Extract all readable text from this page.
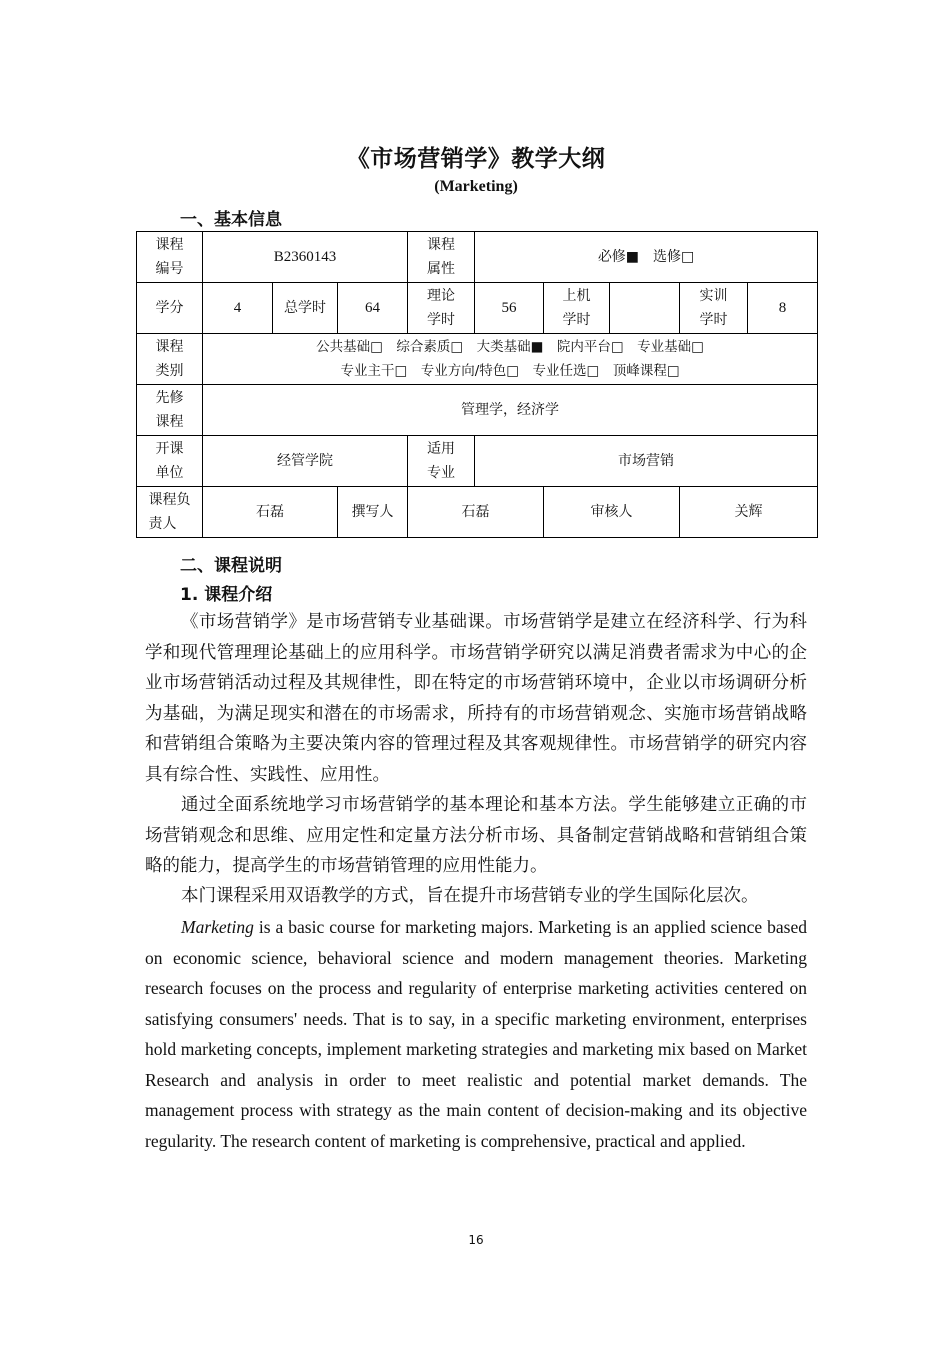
《市场营销学》教学大纲
(Marketing)
一、基本信息
课程编号	B2360143			课程属性	必修■　选修□				
学分	4	总学时	64	理论学时	56	上机学时		实训学时	8

课程类别	公共基础□　综合素质□　大类基础■　院内平台□　专业基础□
专业主干□　专业方向/特色□　专业任选□　顶峰课程□								

先修课程	管理学，经济学								

开课单位	经管学院			适用专业	市场营销				

课程负责人	石磊		撰写人	石磊		审核人		关辉	
二、课程说明
1. 课程介绍
《市场营销学》是市场营销专业基础课。市场营销学是建立在经济科学、行为科学和现代管理理论基础上的应用科学。市场营销学研究以满足消费者需求为中心的企业市场营销活动过程及其规律性，即在特定的市场营销环境中，企业以市场调研分析为基础，为满足现实和潜在的市场需求，所持有的市场营销观念、实施市场营销战略和营销组合策略为主要决策内容的管理过程及其客观规律性。市场营销学的研究内容具有综合性、实践性、应用性。
通过全面系统地学习市场营销学的基本理论和基本方法。学生能够建立正确的市场营销观念和思维、应用定性和定量方法分析市场、具备制定营销战略和营销组合策略的能力，提高学生的市场营销管理的应用性能力。
本门课程采用双语教学的方式，旨在提升市场营销专业的学生国际化层次。
Marketing is a basic course for marketing majors. Marketing is an applied science based on economic science, behavioral science and modern management theories. Marketing research focuses on the process and regularity of enterprise marketing activities centered on satisfying consumers' needs. That is to say, in a specific marketing environment, enterprises hold marketing concepts, implement marketing strategies and marketing mix based on Market Research and analysis in order to meet realistic and potential market demands. The management process with strategy as the main content of decision-making and its objective regularity. The research content of marketing is comprehensive, practical and applied.
16
